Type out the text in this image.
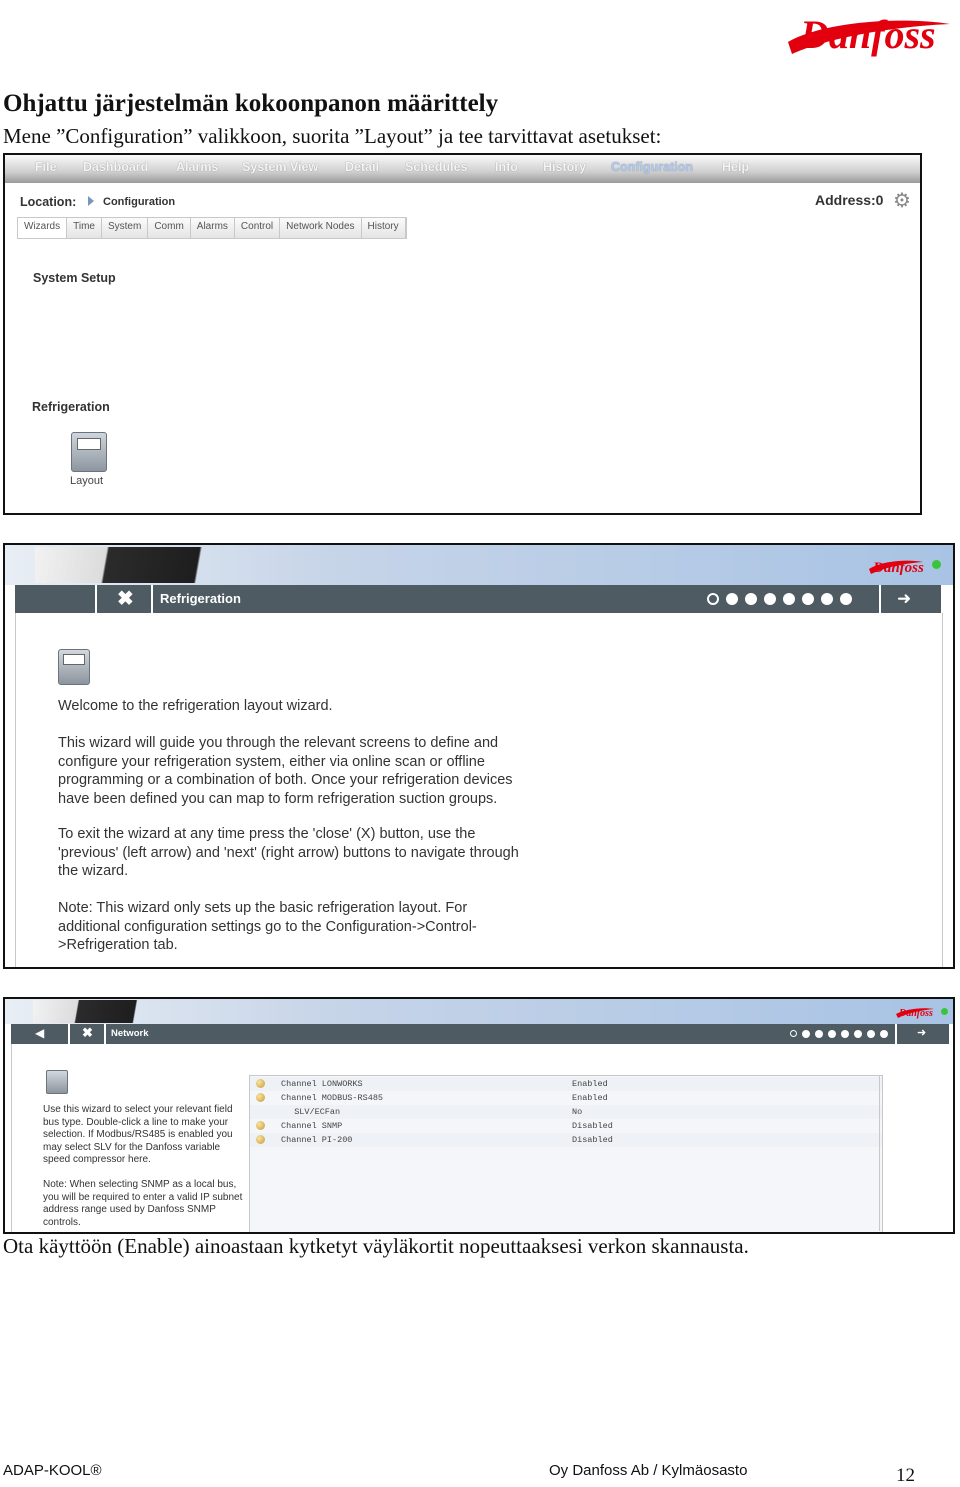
Danfoss
Ohjattu järjestelmän kokoonpanon määrittely
Mene ”Configuration” valikkoon, suorita ”Layout” ja tee tarvittavat asetukset:
File Dashboard Alarms System View Detail Schedules Info History Configuration Help
Location: Configuration	Address:0 ⚙
Wizards	Time	System	Comm	Alarms	Control	Network Nodes	History
System Setup
Refrigeration
Layout
Danfoss
✖ Refrigeration	➜
Welcome to the refrigeration layout wizard.
This wizard will guide you through the relevant screens to define and configure your refrigeration system, either via online scan or offline programming or a combination of both. Once your refrigeration devices have been defined you can map to form refrigeration suction groups.
To exit the wizard at any time press the 'close' (X) button, use the 'previous' (left arrow) and 'next' (right arrow) buttons to navigate through the wizard.
Note: This wizard only sets up the basic refrigeration layout. For additional configuration settings go to the Configuration->Control->Refrigeration tab.
Danfoss
◀	✖ Network	➜
Use this wizard to select your relevant field bus type. Double-click a line to make your selection. If Modbus/RS485 is enabled you may select SLV for the Danfoss variable speed compressor here.
Note: When selecting SNMP as a local bus, you will be required to enter a valid IP subnet address range used by Danfoss SNMP controls.
Channel LONWORKS	Enabled
Channel MODBUS-RS485	Enabled
SLV/ECFan	No
Channel SNMP	Disabled
Channel PI-200	Disabled
Ota käyttöön (Enable) ainoastaan kytketyt väyläkortit nopeuttaaksesi verkon skannausta.
ADAP-KOOL®	Oy Danfoss Ab / Kylmäosasto	12
